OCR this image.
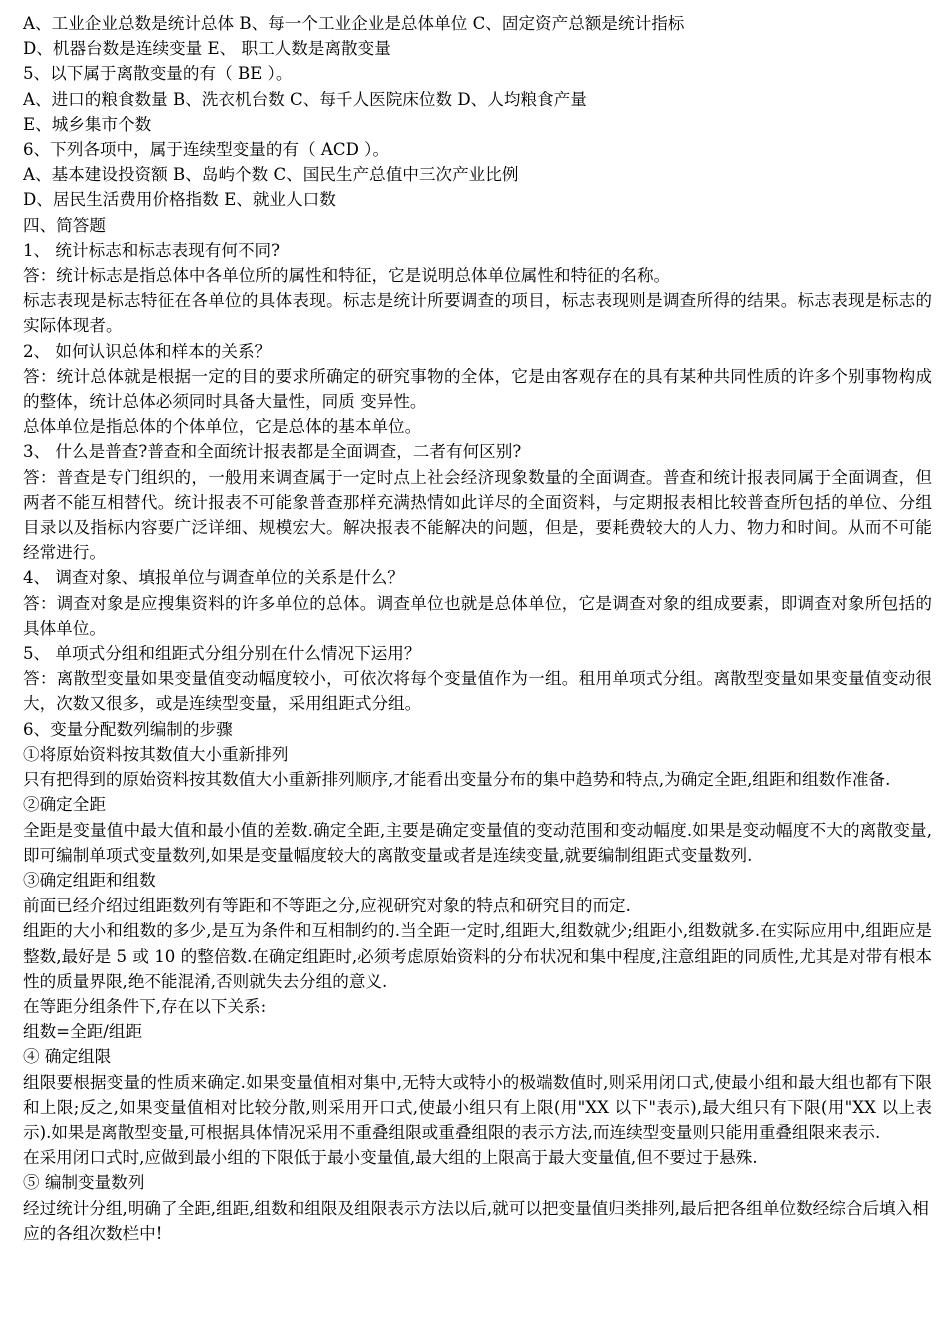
A、工业企业总数是统计总体 B、每一个工业企业是总体单位 C、固定资产总额是统计指标
D、机器台数是连续变量 E、 职工人数是离散变量
5、以下属于离散变量的有（ BE ）。
A、进口的粮食数量 B、洗衣机台数 C、每千人医院床位数 D、人均粮食产量
E、城乡集市个数
6、下列各项中，属于连续型变量的有（ ACD ）。
A、基本建设投资额 B、岛屿个数 C、国民生产总值中三次产业比例
D、居民生活费用价格指数 E、就业人口数
四、简答题
1、 统计标志和标志表现有何不同?
答：统计标志是指总体中各单位所的属性和特征，它是说明总体单位属性和特征的名称。
标志表现是标志特征在各单位的具体表现。标志是统计所要调查的项目，标志表现则是调查所得的结果。标志表现是标志的实际体现者。
2、 如何认识总体和样本的关系？
答：统计总体就是根据一定的目的要求所确定的研究事物的全体，它是由客观存在的具有某种共同性质的许多个别事物构成的整体，统计总体必须同时具备大量性，同质 变异性。
总体单位是指总体的个体单位，它是总体的基本单位。
3、 什么是普查?普查和全面统计报表都是全面调查，二者有何区别?
答：普查是专门组织的，一般用来调查属于一定时点上社会经济现象数量的全面调查。普查和统计报表同属于全面调查，但两者不能互相替代。统计报表不可能象普查那样充满热情如此详尽的全面资料，与定期报表相比较普查所包括的单位、分组目录以及指标内容要广泛详细、规模宏大。解决报表不能解决的问题，但是，要耗费较大的人力、物力和时间。从而不可能经常进行。
4、 调查对象、填报单位与调查单位的关系是什么？
答：调查对象是应搜集资料的许多单位的总体。调查单位也就是总体单位，它是调查对象的组成要素，即调查对象所包括的具体单位。
5、 单项式分组和组距式分组分别在什么情况下运用？
答：离散型变量如果变量值变动幅度较小，可依次将每个变量值作为一组。租用单项式分组。离散型变量如果变量值变动很大，次数又很多，或是连续型变量，采用组距式分组。
6、变量分配数列编制的步骤
①将原始资料按其数值大小重新排列
只有把得到的原始资料按其数值大小重新排列顺序,才能看出变量分布的集中趋势和特点,为确定全距,组距和组数作准备.
②确定全距
全距是变量值中最大值和最小值的差数.确定全距,主要是确定变量值的变动范围和变动幅度.如果是变动幅度不大的离散变量,即可编制单项式变量数列,如果是变量幅度较大的离散变量或者是连续变量,就要编制组距式变量数列.
③确定组距和组数
前面已经介绍过组距数列有等距和不等距之分,应视研究对象的特点和研究目的而定.
组距的大小和组数的多少,是互为条件和互相制约的.当全距一定时,组距大,组数就少;组距小,组数就多.在实际应用中,组距应是整数,最好是 5 或 10 的整倍数.在确定组距时,必须考虑原始资料的分布状况和集中程度,注意组距的同质性,尤其是对带有根本性的质量界限,绝不能混淆,否则就失去分组的意义.
在等距分组条件下,存在以下关系:
组数=全距/组距
④ 确定组限
组限要根据变量的性质来确定.如果变量值相对集中,无特大或特小的极端数值时,则采用闭口式,使最小组和最大组也都有下限和上限;反之,如果变量值相对比较分散,则采用开口式,使最小组只有上限(用"XX 以下"表示),最大组只有下限(用"XX 以上表示).如果是离散型变量,可根据具体情况采用不重叠组限或重叠组限的表示方法,而连续型变量则只能用重叠组限来表示.
在采用闭口式时,应做到最小组的下限低于最小变量值,最大组的上限高于最大变量值,但不要过于悬殊.
⑤ 编制变量数列
经过统计分组,明确了全距,组距,组数和组限及组限表示方法以后,就可以把变量值归类排列,最后把各组单位数经综合后填入相应的各组次数栏中!
